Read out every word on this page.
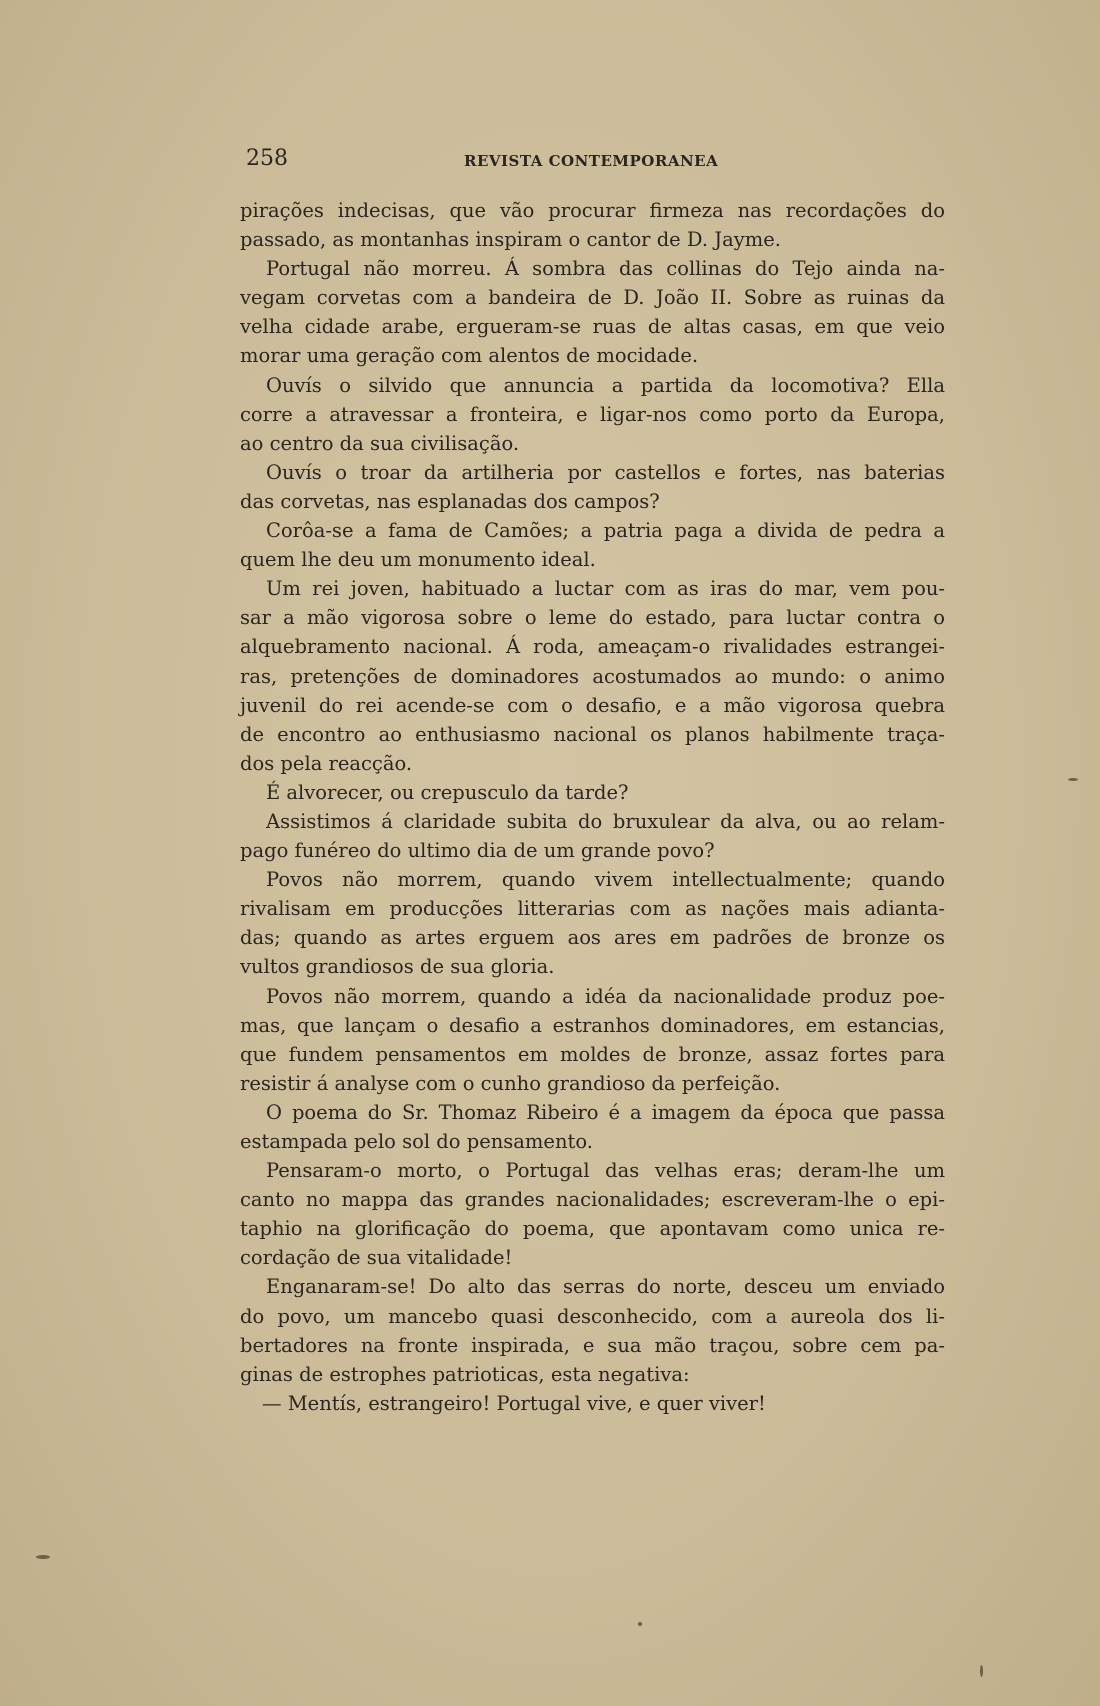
258	REVISTA CONTEMPORANEA
pirações indecisas, que vão procurar firmeza nas recordações do
passado, as montanhas inspiram o cantor de D. Jayme.
Portugal não morreu. Á sombra das collinas do Tejo ainda na-
vegam corvetas com a bandeira de D. João II. Sobre as ruinas da
velha cidade arabe, ergueram-se ruas de altas casas, em que veio
morar uma geração com alentos de mocidade.
Ouvís o silvido que annuncia a partida da locomotiva? Ella
corre a atravessar a fronteira, e ligar-nos como porto da Europa,
ao centro da sua civilisação.
Ouvís o troar da artilheria por castellos e fortes, nas baterias
das corvetas, nas esplanadas dos campos?
Corôa-se a fama de Camões; a patria paga a divida de pedra a
quem lhe deu um monumento ideal.
Um rei joven, habituado a luctar com as iras do mar, vem pou-
sar a mão vigorosa sobre o leme do estado, para luctar contra o
alquebramento nacional. Á roda, ameaçam-o rivalidades estrangei-
ras, pretenções de dominadores acostumados ao mundo: o animo
juvenil do rei acende-se com o desafio, e a mão vigorosa quebra
de encontro ao enthusiasmo nacional os planos habilmente traça-
dos pela reacção.
É alvorecer, ou crepusculo da tarde?
Assistimos á claridade subita do bruxulear da alva, ou ao relam-
pago funéreo do ultimo dia de um grande povo?
Povos não morrem, quando vivem intellectualmente; quando
rivalisam em producções litterarias com as nações mais adianta-
das; quando as artes erguem aos ares em padrões de bronze os
vultos grandiosos de sua gloria.
Povos não morrem, quando a idéa da nacionalidade produz poe-
mas, que lançam o desafio a estranhos dominadores, em estancias,
que fundem pensamentos em moldes de bronze, assaz fortes para
resistir á analyse com o cunho grandioso da perfeição.
O poema do Sr. Thomaz Ribeiro é a imagem da época que passa
estampada pelo sol do pensamento.
Pensaram-o morto, o Portugal das velhas eras; deram-lhe um
canto no mappa das grandes nacionalidades; escreveram-lhe o epi-
taphio na glorificação do poema, que apontavam como unica re-
cordação de sua vitalidade!
Enganaram-se! Do alto das serras do norte, desceu um enviado
do povo, um mancebo quasi desconhecido, com a aureola dos li-
bertadores na fronte inspirada, e sua mão traçou, sobre cem pa-
ginas de estrophes patrioticas, esta negativa:
— Mentís, estrangeiro! Portugal vive, e quer viver!
